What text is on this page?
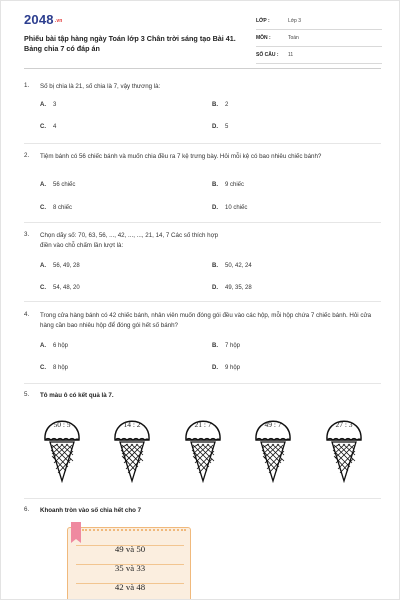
2048.vn
Phiếu bài tập hàng ngày Toán lớp 3 Chân trời sáng tạo Bài 41. Bảng chia 7 có đáp án
LỚP :	Lớp 3
MÔN :	Toán
SỐ CÂU : 11
1. Số bị chia là 21, số chia là 7, vậy thương là:
A. 3	B. 2
C. 4	D. 5
2. Tiệm bánh có 56 chiếc bánh và muốn chia đều ra 7 kệ trưng bày. Hỏi mỗi kệ có bao nhiêu chiếc bánh?
A. 56 chiếc	B. 9 chiếc
C. 8 chiếc	D. 10 chiếc
3. Chọn dãy số: 70, 63, 56, ..., 42, ..., ..., 21, 14, 7 Các số thích hợp điền vào chỗ chấm lần lượt là:
A. 56, 49, 28	B. 50, 42, 24
C. 54, 48, 20	D. 49, 35, 28
4. Trong cửa hàng bánh có 42 chiếc bánh, nhân viên muốn đóng gói đều vào các hộp, mỗi hộp chứa 7 chiếc bánh. Hỏi cửa hàng cần bao nhiêu hộp để đóng gói hết số bánh?
A. 6 hộp	B. 7 hộp
C. 8 hộp	D. 9 hộp
5. Tô màu ô có kết quả là 7.
50 : 5	14 : 2	21 : 7	49 : 7	27 : 3
6. Khoanh tròn vào số chia hết cho 7
49 và 50
35 và 33
42 và 48
